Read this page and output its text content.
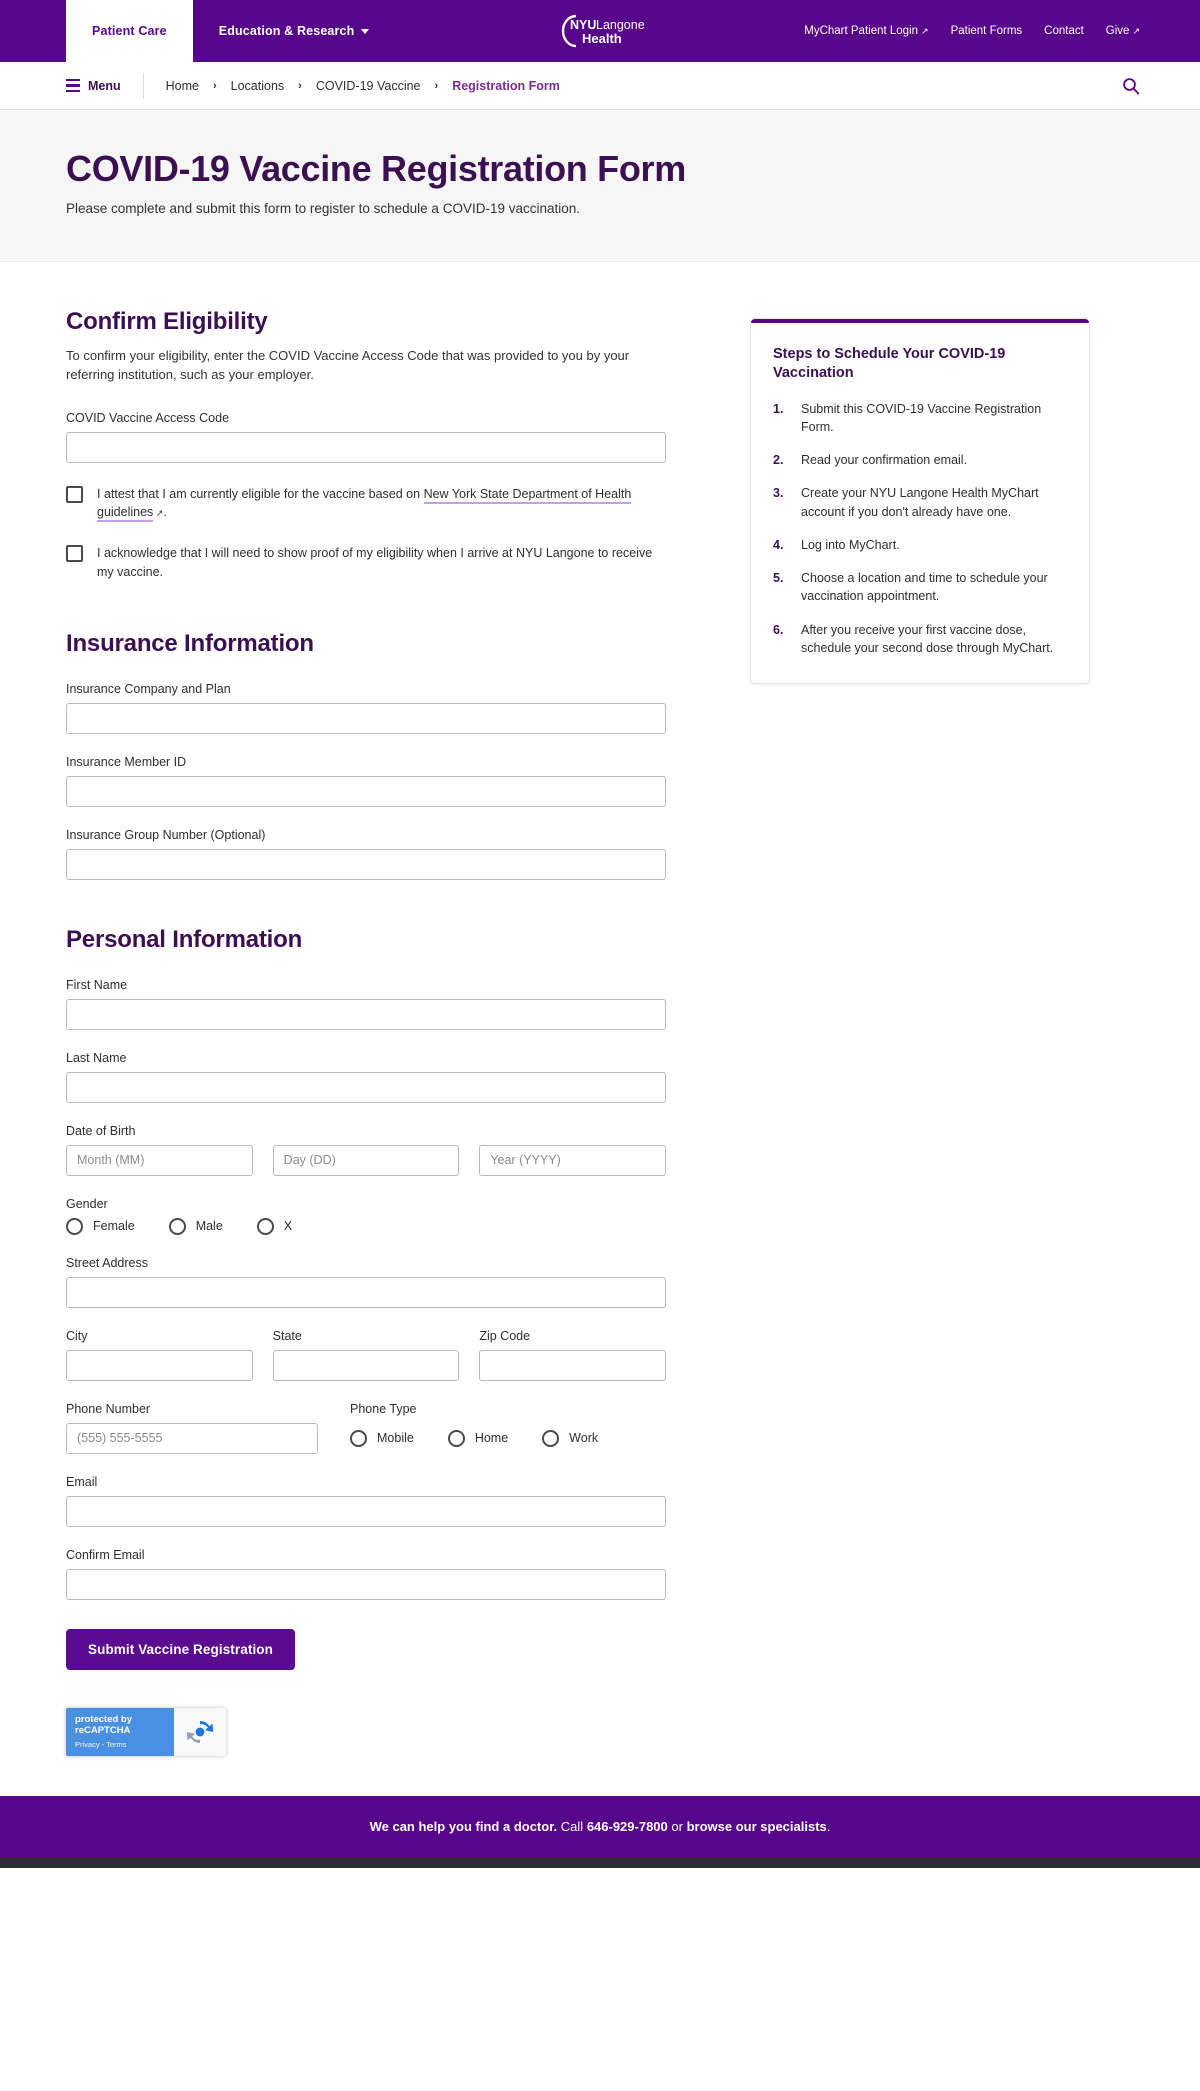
Patient Care	Education & Research	NYU Langone
Health	MyChart Patient Login ↗ Patient Forms Contact Give ↗
Menu	Home › Locations › COVID-19 Vaccine › Registration Form
COVID-19 Vaccine Registration Form

Please complete and submit this form to register to schedule a COVID-19 vaccination.

Confirm Eligibility

To confirm your eligibility, enter the COVID Vaccine Access Code that was provided to you by your referring institution, such as your employer.

COVID Vaccine Access Code
I attest that I am currently eligible for the vaccine based on New York State Department of Health guidelines ↗.
I acknowledge that I will need to show proof of my eligibility when I arrive at NYU Langone to receive my vaccine.
Insurance Information
Insurance Company and Plan
Insurance Member ID
Insurance Group Number (Optional)
Personal Information
First Name
Last Name
Date of Birth
Month (MM)
Day (DD)
Year (YYYY)
Gender
Female	Male	X
Street Address
City	State	Zip Code
Phone Number
(555) 555-5555	Phone Type
Mobile	Home	Work
Email
Confirm Email
Submit Vaccine Registration
protected by reCAPTCHA
Privacy - Terms
Steps to Schedule Your COVID-19 Vaccination
Submit this COVID-19 Vaccine Registration Form.
Read your confirmation email.
Create your NYU Langone Health MyChart account if you don't already have one.
Log into MyChart.
Choose a location and time to schedule your vaccination appointment.
After you receive your first vaccine dose, schedule your second dose through MyChart.
We can help you find a doctor. Call 646-929-7800 or browse our specialists.
